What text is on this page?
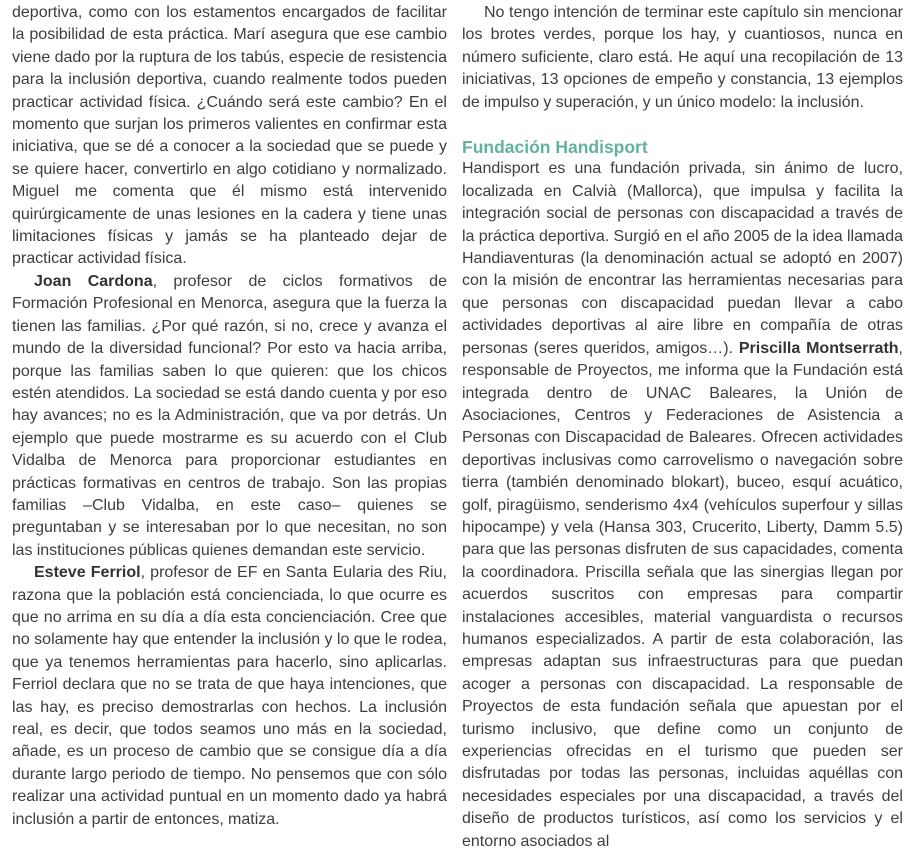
deportiva, como con los estamentos encargados de facilitar la posibilidad de esta práctica. Marí asegura que ese cambio viene dado por la ruptura de los tabús, especie de resistencia para la inclusión deportiva, cuando realmente todos pueden practicar actividad física. ¿Cuándo será este cambio? En el momento que surjan los primeros valientes en confirmar esta iniciativa, que se dé a conocer a la sociedad que se puede y se quiere hacer, convertirlo en algo cotidiano y normalizado. Miguel me comenta que él mismo está intervenido quirúrgicamente de unas lesiones en la cadera y tiene unas limitaciones físicas y jamás se ha planteado dejar de practicar actividad física.

Joan Cardona, profesor de ciclos formativos de Formación Profesional en Menorca, asegura que la fuerza la tienen las familias. ¿Por qué razón, si no, crece y avanza el mundo de la diversidad funcional? Por esto va hacia arriba, porque las familias saben lo que quieren: que los chicos estén atendidos. La sociedad se está dando cuenta y por eso hay avances; no es la Administración, que va por detrás. Un ejemplo que puede mostrarme es su acuerdo con el Club Vidalba de Menorca para proporcionar estudiantes en prácticas formativas en centros de trabajo. Son las propias familias –Club Vidalba, en este caso– quienes se preguntaban y se interesaban por lo que necesitan, no son las instituciones públicas quienes demandan este servicio.

Esteve Ferriol, profesor de EF en Santa Eularia des Riu, razona que la población está concienciada, lo que ocurre es que no arrima en su día a día esta concienciación. Cree que no solamente hay que entender la inclusión y lo que le rodea, que ya tenemos herramientas para hacerlo, sino aplicarlas. Ferriol declara que no se trata de que haya intenciones, que las hay, es preciso demostrarlas con hechos. La inclusión real, es decir, que todos seamos uno más en la sociedad, añade, es un proceso de cambio que se consigue día a día durante largo periodo de tiempo. No pensemos que con sólo realizar una actividad puntual en un momento dado ya habrá inclusión a partir de entonces, matiza.

No tengo intención de terminar este capítulo sin mencionar los brotes verdes, porque los hay, y cuantiosos, nunca en número suficiente, claro está. He aquí una recopilación de 13 iniciativas, 13 opciones de empeño y constancia, 13 ejemplos de impulso y superación, y un único modelo: la inclusión.

Fundación Handisport

Handisport es una fundación privada, sin ánimo de lucro, localizada en Calvià (Mallorca), que impulsa y facilita la integración social de personas con discapacidad a través de la práctica deportiva. Surgió en el año 2005 de la idea llamada Handiaventuras (la denominación actual se adoptó en 2007) con la misión de encontrar las herramientas necesarias para que personas con discapacidad puedan llevar a cabo actividades deportivas al aire libre en compañía de otras personas (seres queridos, amigos…). Priscilla Montserrath, responsable de Proyectos, me informa que la Fundación está integrada dentro de UNAC Baleares, la Unión de Asociaciones, Centros y Federaciones de Asistencia a Personas con Discapacidad de Baleares. Ofrecen actividades deportivas inclusivas como carrovelismo o navegación sobre tierra (también denominado blokart), buceo, esquí acuático, golf, piragüismo, senderismo 4x4 (vehículos superfour y sillas hipocampe) y vela (Hansa 303, Crucerito, Liberty, Damm 5.5) para que las personas disfruten de sus capacidades, comenta la coordinadora. Priscilla señala que las sinergias llegan por acuerdos suscritos con empresas para compartir instalaciones accesibles, material vanguardista o recursos humanos especializados. A partir de esta colaboración, las empresas adaptan sus infraestructuras para que puedan acoger a personas con discapacidad. La responsable de Proyectos de esta fundación señala que apuestan por el turismo inclusivo, que define como un conjunto de experiencias ofrecidas en el turismo que pueden ser disfrutadas por todas las personas, incluidas aquéllas con necesidades especiales por una discapacidad, a través del diseño de productos turísticos, así como los servicios y el entorno asociados al
